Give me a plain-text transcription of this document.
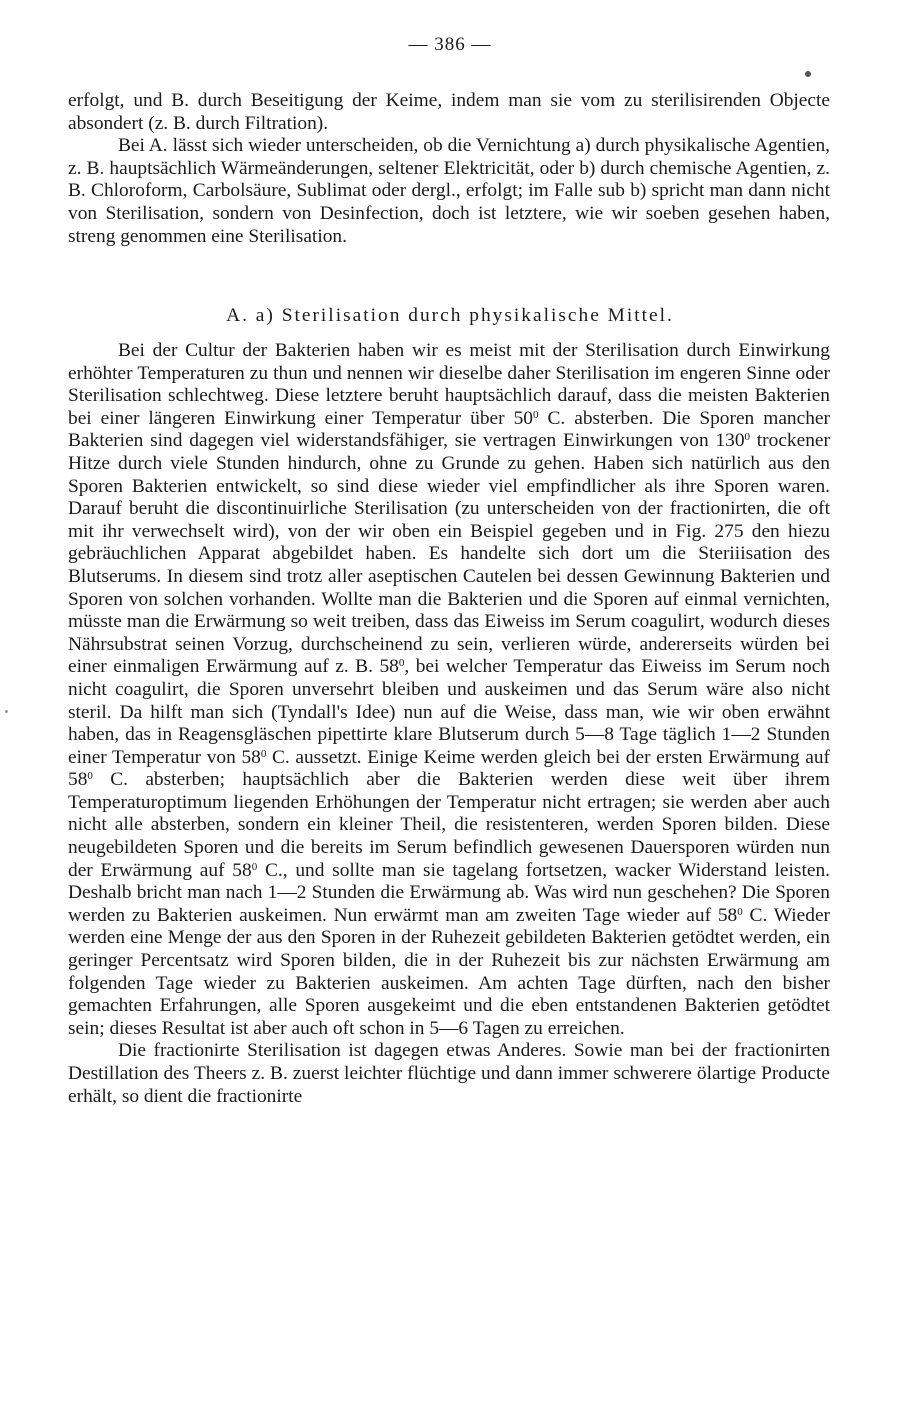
— 386 —

erfolgt, und B. durch Beseitigung der Keime, indem man sie vom zu sterilisirenden Objecte absondert (z. B. durch Filtration).

Bei A. lässt sich wieder unterscheiden, ob die Vernichtung a) durch physikalische Agentien, z. B. hauptsächlich Wärmeänderungen, seltener Elektricität, oder b) durch chemische Agentien, z. B. Chloroform, Carbolsäure, Sublimat oder dergl., erfolgt; im Falle sub b) spricht man dann nicht von Sterilisation, sondern von Desinfection, doch ist letztere, wie wir soeben gesehen haben, streng genommen eine Sterilisation.

A. a) Sterilisation durch physikalische Mittel.

Bei der Cultur der Bakterien haben wir es meist mit der Sterilisation durch Einwirkung erhöhter Temperaturen zu thun und nennen wir dieselbe daher Sterilisation im engeren Sinne oder Sterilisation schlechtweg. Diese letztere beruht hauptsächlich darauf, dass die meisten Bakterien bei einer längeren Einwirkung einer Temperatur über $50^0$ C. absterben. Die Sporen mancher Bakterien sind dagegen viel widerstandsfähiger, sie vertragen Einwirkungen von $130^0$ trockener Hitze durch viele Stunden hindurch, ohne zu Grunde zu gehen. Haben sich natürlich aus den Sporen Bakterien entwickelt, so sind diese wieder viel empfindlicher als ihre Sporen waren. Darauf beruht die discontinuirliche Sterilisation (zu unterscheiden von der fractionirten, die oft mit ihr verwechselt wird), von der wir oben ein Beispiel gegeben und in Fig. 275 den hiezu gebräuchlichen Apparat abgebildet haben. Es handelte sich dort um die Steriiisation des Blutserums. In diesem sind trotz aller aseptischen Cautelen bei dessen Gewinnung Bakterien und Sporen von solchen vorhanden. Wollte man die Bakterien und die Sporen auf einmal vernichten, müsste man die Erwärmung so weit treiben, dass das Eiweiss im Serum coagulirt, wodurch dieses Nährsubstrat seinen Vorzug, durchscheinend zu sein, verlieren würde, andererseits würden bei einer einmaligen Erwärmung auf z. B. $58^0$, bei welcher Temperatur das Eiweiss im Serum noch nicht coagulirt, die Sporen unversehrt bleiben und auskeimen und das Serum wäre also nicht steril. Da hilft man sich (Tyndall's Idee) nun auf die Weise, dass man, wie wir oben erwähnt haben, das in Reagensgläschen pipettirte klare Blutserum durch 5—8 Tage täglich 1—2 Stunden einer Temperatur von $58^0$ C. aussetzt. Einige Keime werden gleich bei der ersten Erwärmung auf $58^0$ C. absterben; hauptsächlich aber die Bakterien werden diese weit über ihrem Temperaturoptimum liegenden Erhöhungen der Temperatur nicht ertragen; sie werden aber auch nicht alle absterben, sondern ein kleiner Theil, die resistenteren, werden Sporen bilden. Diese neugebildeten Sporen und die bereits im Serum befindlich gewesenen Dauersporen würden nun der Erwärmung auf $58^0$ C., und sollte man sie tagelang fortsetzen, wacker Widerstand leisten. Deshalb bricht man nach 1—2 Stunden die Erwärmung ab. Was wird nun geschehen? Die Sporen werden zu Bakterien auskeimen. Nun erwärmt man am zweiten Tage wieder auf $58^0$ C. Wieder werden eine Menge der aus den Sporen in der Ruhezeit gebildeten Bakterien getödtet werden, ein geringer Percentsatz wird Sporen bilden, die in der Ruhezeit bis zur nächsten Erwärmung am folgenden Tage wieder zu Bakterien auskeimen. Am achten Tage dürften, nach den bisher gemachten Erfahrungen, alle Sporen ausgekeimt und die eben entstandenen Bakterien getödtet sein; dieses Resultat ist aber auch oft schon in 5—6 Tagen zu erreichen.

Die fractionirte Sterilisation ist dagegen etwas Anderes. Sowie man bei der fractionirten Destillation des Theers z. B. zuerst leichter flüchtige und dann immer schwerere ölartige Producte erhält, so dient die fractionirte
